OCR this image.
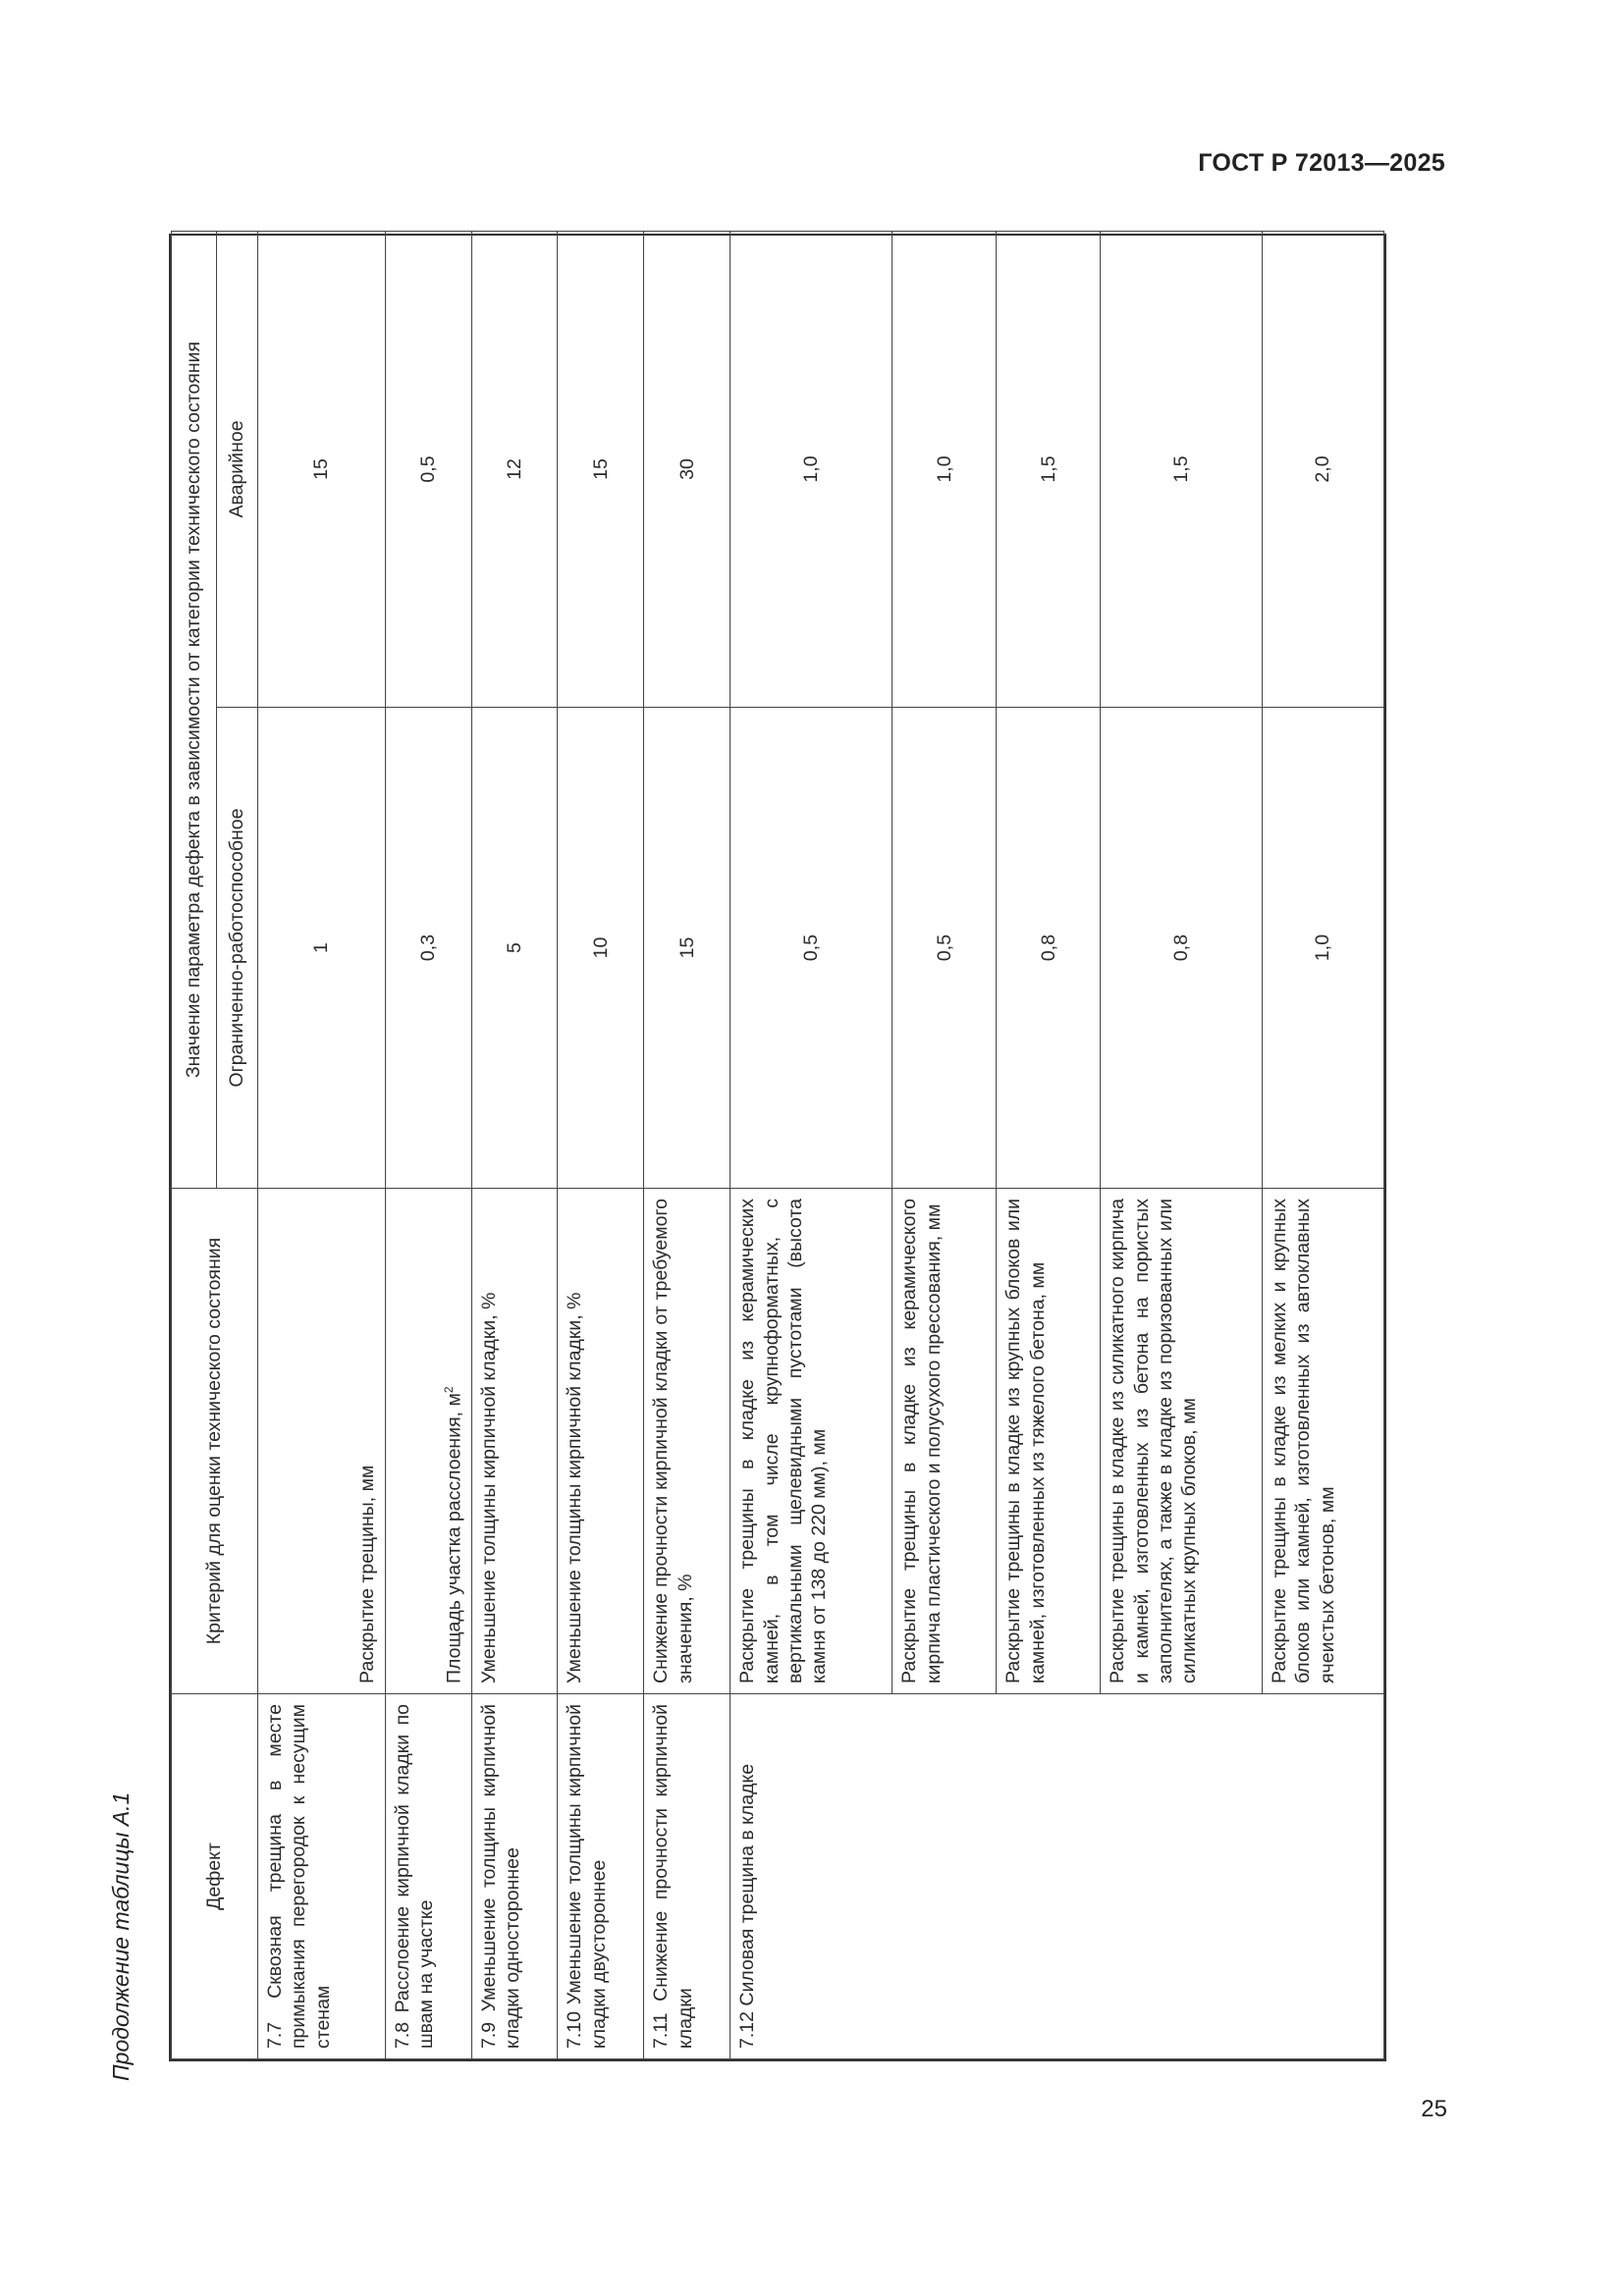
ГОСТ Р 72013—2025
Продолжение таблицы А.1	Дефект	Критерий для оценки технического состояния	Значение параметра дефекта в зависимости от категории технического состояния	
		Ограниченно-работоспособное	Аварийное
7.7 Сквозная трещина в месте примыкания перегородок к несущим стенам	Раскрытие трещины, мм	1	15
7.8 Расслоение кирпичной кладки по швам на участке	Площадь участка расслоения, $м^2$	0,3	0,5
7.9 Уменьшение толщины кирпичной кладки одностороннее	Уменьшение толщины кирпичной кладки, %	5	12
7.10 Уменьшение толщины кирпичной кладки двустороннее	Уменьшение толщины кирпичной кладки, %	10	15
7.11 Снижение прочности кирпичной кладки	Снижение прочности кирпичной кладки от требуемого значения, %	15	30
7.12 Силовая трещина в кладке	Раскрытие трещины в кладке из керамических камней, в том числе крупноформатных, с вертикальными щелевидными пустотами (высота камня от 138 до 220 мм), мм	0,5	1,0
	Раскрытие трещины в кладке из керамического кирпича пластического и полусухого прессования, мм	0,5	1,0
	Раскрытие трещины в кладке из крупных блоков или камней, изготовленных из тяжелого бетона, мм	0,8	1,5
	Раскрытие трещины в кладке из силикатного кирпича и камней, изготовленных из бетона на пористых заполнителях, а также в кладке из поризованных или силикатных крупных блоков, мм	0,8	1,5
	Раскрытие трещины в кладке из мелких и крупных блоков или камней, изготовленных из автоклавных ячеистых бетонов, мм	1,0	2,0
25
